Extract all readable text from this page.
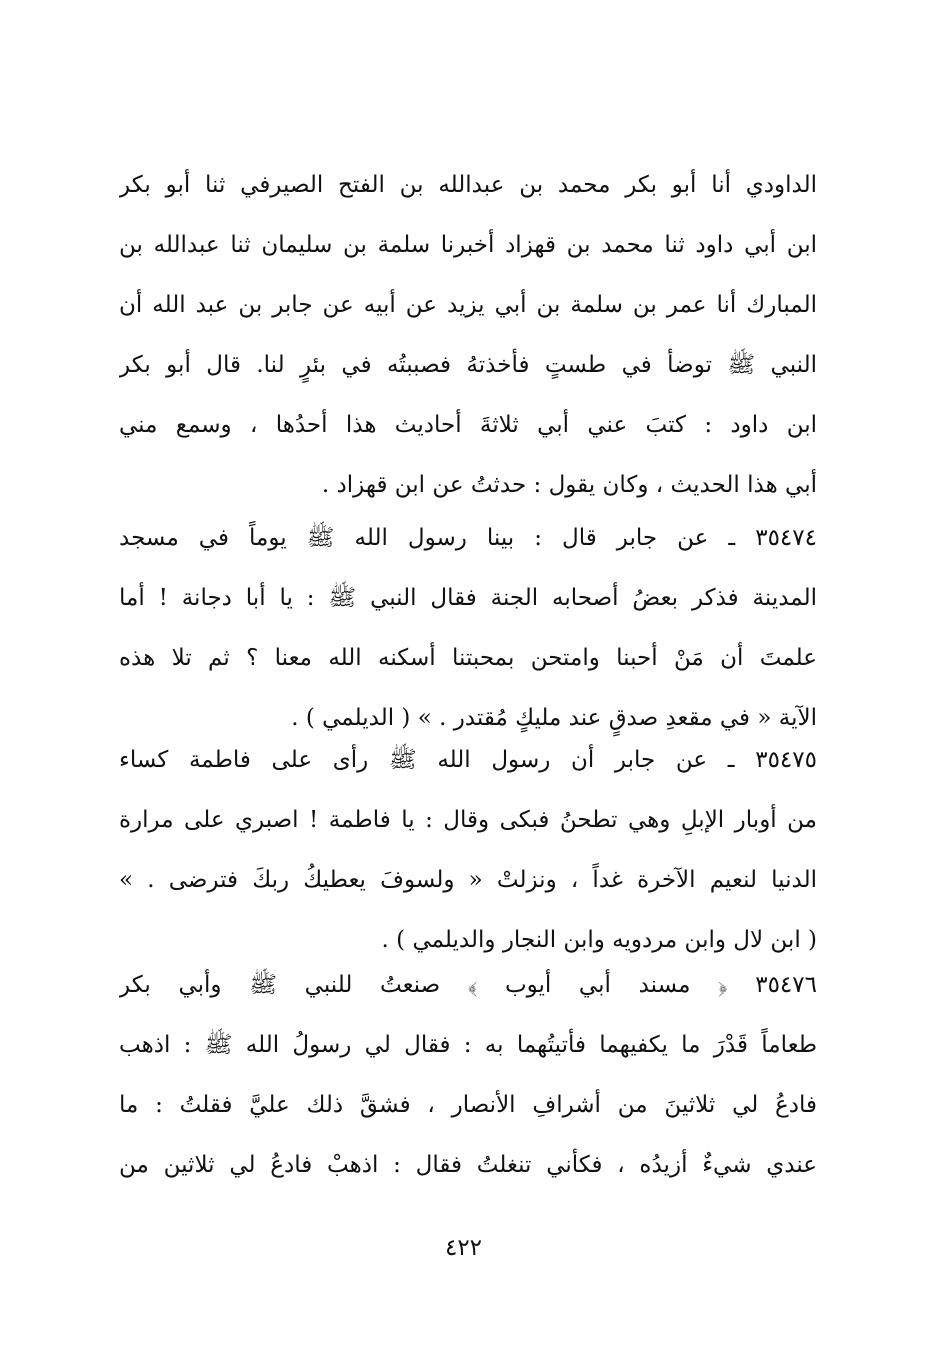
الداودي أنا أبو بكر محمد بن عبدالله بن الفتح الصيرفي ثنا أبو بكر
ابن أبي داود ثنا محمد بن قهزاد أخبرنا سلمة بن سليمان ثنا عبدالله بن
المبارك أنا عمر بن سلمة بن أبي يزيد عن أبيه عن جابر بن عبد الله أن
النبي ﷺ توضأ في طستٍ فأخذتهُ فصببتُه في بئرٍ لنا. قال أبو بكر
ابن داود : كتبَ عني أبي ثلاثةَ أحاديث هذا أحدُها ، وسمع مني
أبي هذا الحديث ، وكان يقول : حدثتُ عن ابن قهزاد .
٣٥٤٧٤ ـ عن جابر قال : بينا رسول الله ﷺ يوماً في مسجد
المدينة فذكر بعضُ أصحابه الجنة فقال النبي ﷺ : يا أبا دجانة ! أما
علمتَ أن مَنْ أحبنا وامتحن بمحبتنا أسكنه الله معنا ؟ ثم تلا هذه
الآية « في مقعدِ صدقٍ عند مليكٍ مُقتدر . » ( الديلمي ) .
٣٥٤٧٥ ـ عن جابر أن رسول الله ﷺ رأى على فاطمة كساء
من أوبار الإبلِ وهي تطحنُ فبكى وقال : يا فاطمة ! اصبري على مرارة
الدنيا لنعيم الآخرة غداً ، ونزلتْ « ولسوفَ يعطيكُ ربكَ فترضى . »
( ابن لال وابن مردويه وابن النجار والديلمي ) .
٣٥٤٧٦ ﴿ مسند أبي أيوب ﴾ صنعتُ للنبي ﷺ وأبي بكر
طعاماً قَدْرَ ما يكفيهما فأتيتُهما به : فقال لي رسولُ الله ﷺ : اذهب
فادعُ لي ثلاثينَ من أشرافِ الأنصار ، فشقَّ ذلك عليَّ فقلتُ : ما
عندي شيءٌ أزيدُه ، فكأني تنغلتُ فقال : اذهبْ فادعُ لي ثلاثين من
٤٢٢
